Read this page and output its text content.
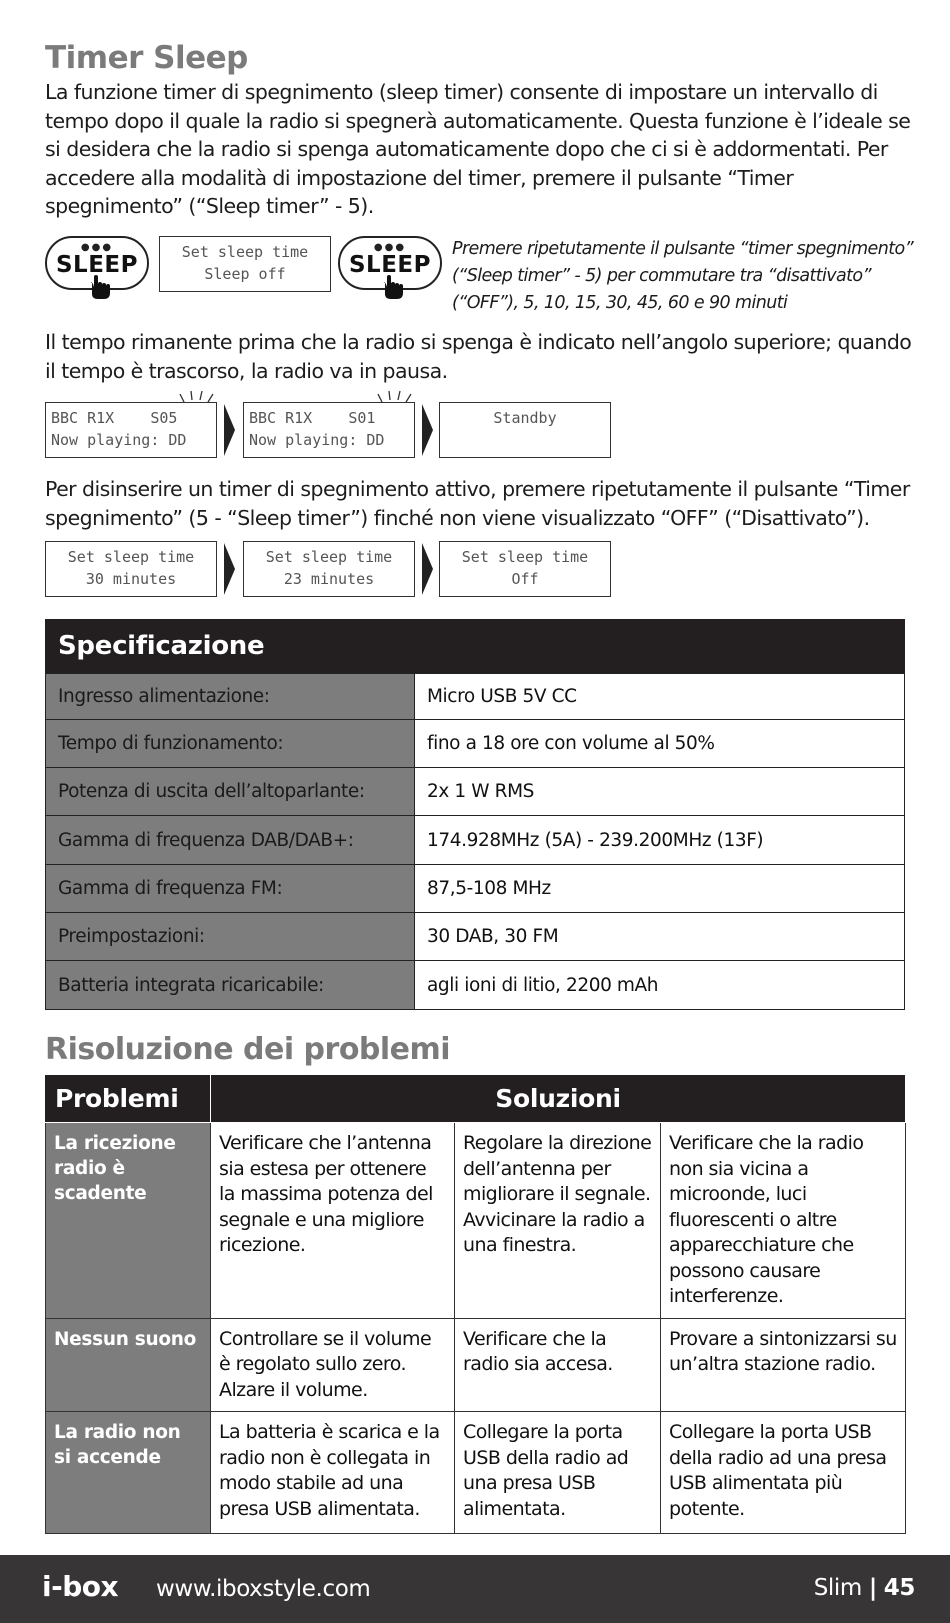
Timer Sleep
La funzione timer di spegnimento (sleep timer) consente di impostare un intervallo di tempo dopo il quale la radio si spegnerà automaticamente. Questa funzione è l’ideale se si desidera che la radio si spenga automaticamente dopo che ci si è addormentati. Per accedere alla modalità di impostazione del timer, premere il pulsante “Timer spegnimento” (“Sleep timer” - 5).
●●●
SLEEP	Set sleep time
Sleep off
●●●
SLEEP
Premere ripetutamente il pulsante “timer spegnimento” (“Sleep timer” - 5) per commutare tra “disattivato” (“OFF”), 5, 10, 15, 30, 45, 60 e 90 minuti
Il tempo rimanente prima che la radio si spenga è indicato nell’angolo superiore; quando il tempo è trascorso, la radio va in pausa.
BBC R1X    S05
Now playing: DD
BBC R1X    S01
Now playing: DD
Standby
Per disinserire un timer di spegnimento attivo, premere ripetutamente il pulsante “Timer spegnimento” (5 - “Sleep timer”) finché non viene visualizzato “OFF” (“Disattivato”).
Set sleep time
30 minutes
Set sleep time
23 minutes
Set sleep time
Off
Specificazione
Ingresso alimentazione:	Micro USB 5V CC
Tempo di funzionamento:	fino a 18 ore con volume al 50%
Potenza di uscita dell’altoparlante:	2x 1 W RMS
Gamma di frequenza DAB/DAB+:	174.928MHz (5A) - 239.200MHz (13F)
Gamma di frequenza FM:	87,5-108 MHz
Preimpostazioni:	30 DAB, 30 FM
Batteria integrata ricaricabile:	agli ioni di litio, 2200 mAh
Risoluzione dei problemi
Problemi	Soluzioni		
La ricezione radio è scadente	Verificare che l’antenna sia estesa per ottenere la massima potenza del segnale e una migliore ricezione.	Regolare la direzione dell’antenna per migliorare il segnale. Avvicinare la radio a una finestra.	Verificare che la radio non sia vicina a microonde, luci fluorescenti o altre apparecchiature che possono causare interferenze.
Nessun suono	Controllare se il volume è regolato sullo zero. Alzare il volume.	Verificare che la radio sia accesa.	Provare a sintonizzarsi su un’altra stazione radio.
La radio non si accende	La batteria è scarica e la radio non è collegata in modo stabile ad una presa USB alimentata.	Collegare la porta USB della radio ad una presa USB alimentata.	Collegare la porta USB della radio ad una presa USB alimentata più potente.
i-box www.iboxstyle.com	Slim | 45
